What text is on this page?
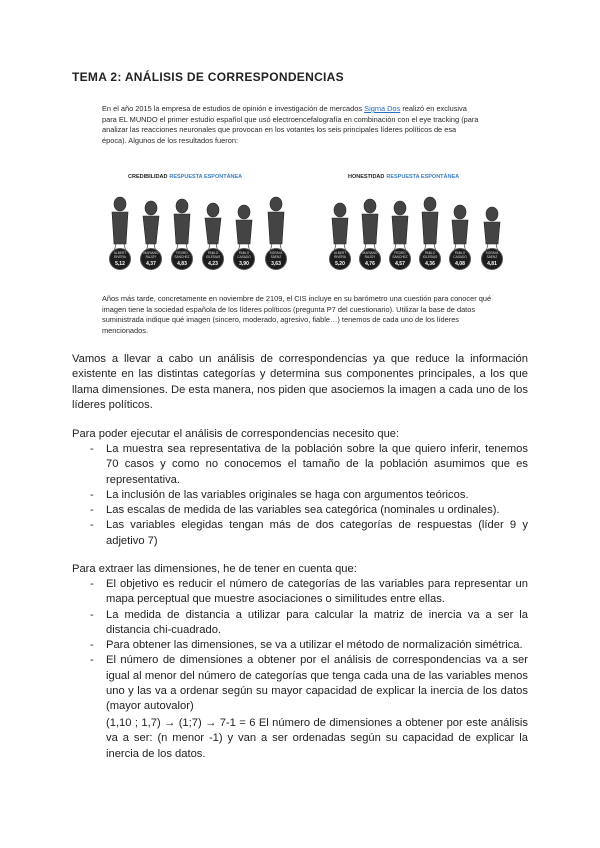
TEMA 2: ANÁLISIS DE CORRESPONDENCIAS
En el año 2015 la empresa de estudios de opinión e investigación de mercados Sigma Dos realizó en exclusiva para EL MUNDO el primer estudio español que usó electroencefalografía en combinación con el eye tracking (para analizar las reacciones neuronales que provocan en los votantes los seis principales líderes políticos de esa época). Algunos de los resultados fueron:
CREDIBILIDAD RESPUESTA ESPONTÁNEA
ALBERT RIVERA
5,12
MARIANO RAJOY
4,37
PEDRO SÁNCHEZ
4,83
PABLO IGLESIAS
4,23
PABLO CASADO
3,90
SORAYA SÁENZ
3,63
HONESTIDAD RESPUESTA ESPONTÁNEA
ALBERT RIVERA
5,20
MARIANO RAJOY
4,76
PEDRO SÁNCHEZ
4,57
PABLO IGLESIAS
4,36
PABLO CASADO
4,08
SORAYA SÁENZ
4,81
Años más tarde, concretamente en noviembre de 2109, el CIS incluye en su barómetro una cuestión para conocer qué imagen tiene la sociedad española de los líderes políticos (pregunta P7 del cuestionario). Utilizar la base de datos suministrada indique qué imagen (sincero, moderado, agresivo, fiable…) tenemos de cada uno de los líderes mencionados.

Vamos a llevar a cabo un análisis de correspondencias ya que reduce la información existente en las distintas categorías y determina sus componentes principales, a los que llama dimensiones. De esta manera, nos piden que asociemos la imagen a cada uno de los líderes políticos.

Para poder ejecutar el análisis de correspondencias necesito que:

- La muestra sea representativa de la población sobre la que quiero inferir, tenemos 70 casos y como no conocemos el tamaño de la población asumimos que es representativa.
- La inclusión de las variables originales se haga con argumentos teóricos.
- Las escalas de medida de las variables sea categórica (nominales u ordinales).
- Las variables elegidas tengan más de dos categorías de respuestas (líder 9 y adjetivo 7)

Para extraer las dimensiones, he de tener en cuenta que:

- El objetivo es reducir el número de categorías de las variables para representar un mapa perceptual que muestre asociaciones o similitudes entre ellas.
- La medida de distancia a utilizar para calcular la matriz de inercia va a ser la distancia chi-cuadrado.
- Para obtener las dimensiones, se va a utilizar el método de normalización simétrica.
- El número de dimensiones a obtener por el análisis de correspondencias va a ser igual al menor del número de categorías que tenga cada una de las variables menos uno y las va a ordenar según su mayor capacidad de explicar la inercia de los datos (mayor autovalor)

(1,10 ; 1,7) → (1;7) → 7-1 = 6 El número de dimensiones a obtener por este análisis va a ser: (n menor -1) y van a ser ordenadas según su capacidad de explicar la inercia de los datos.
